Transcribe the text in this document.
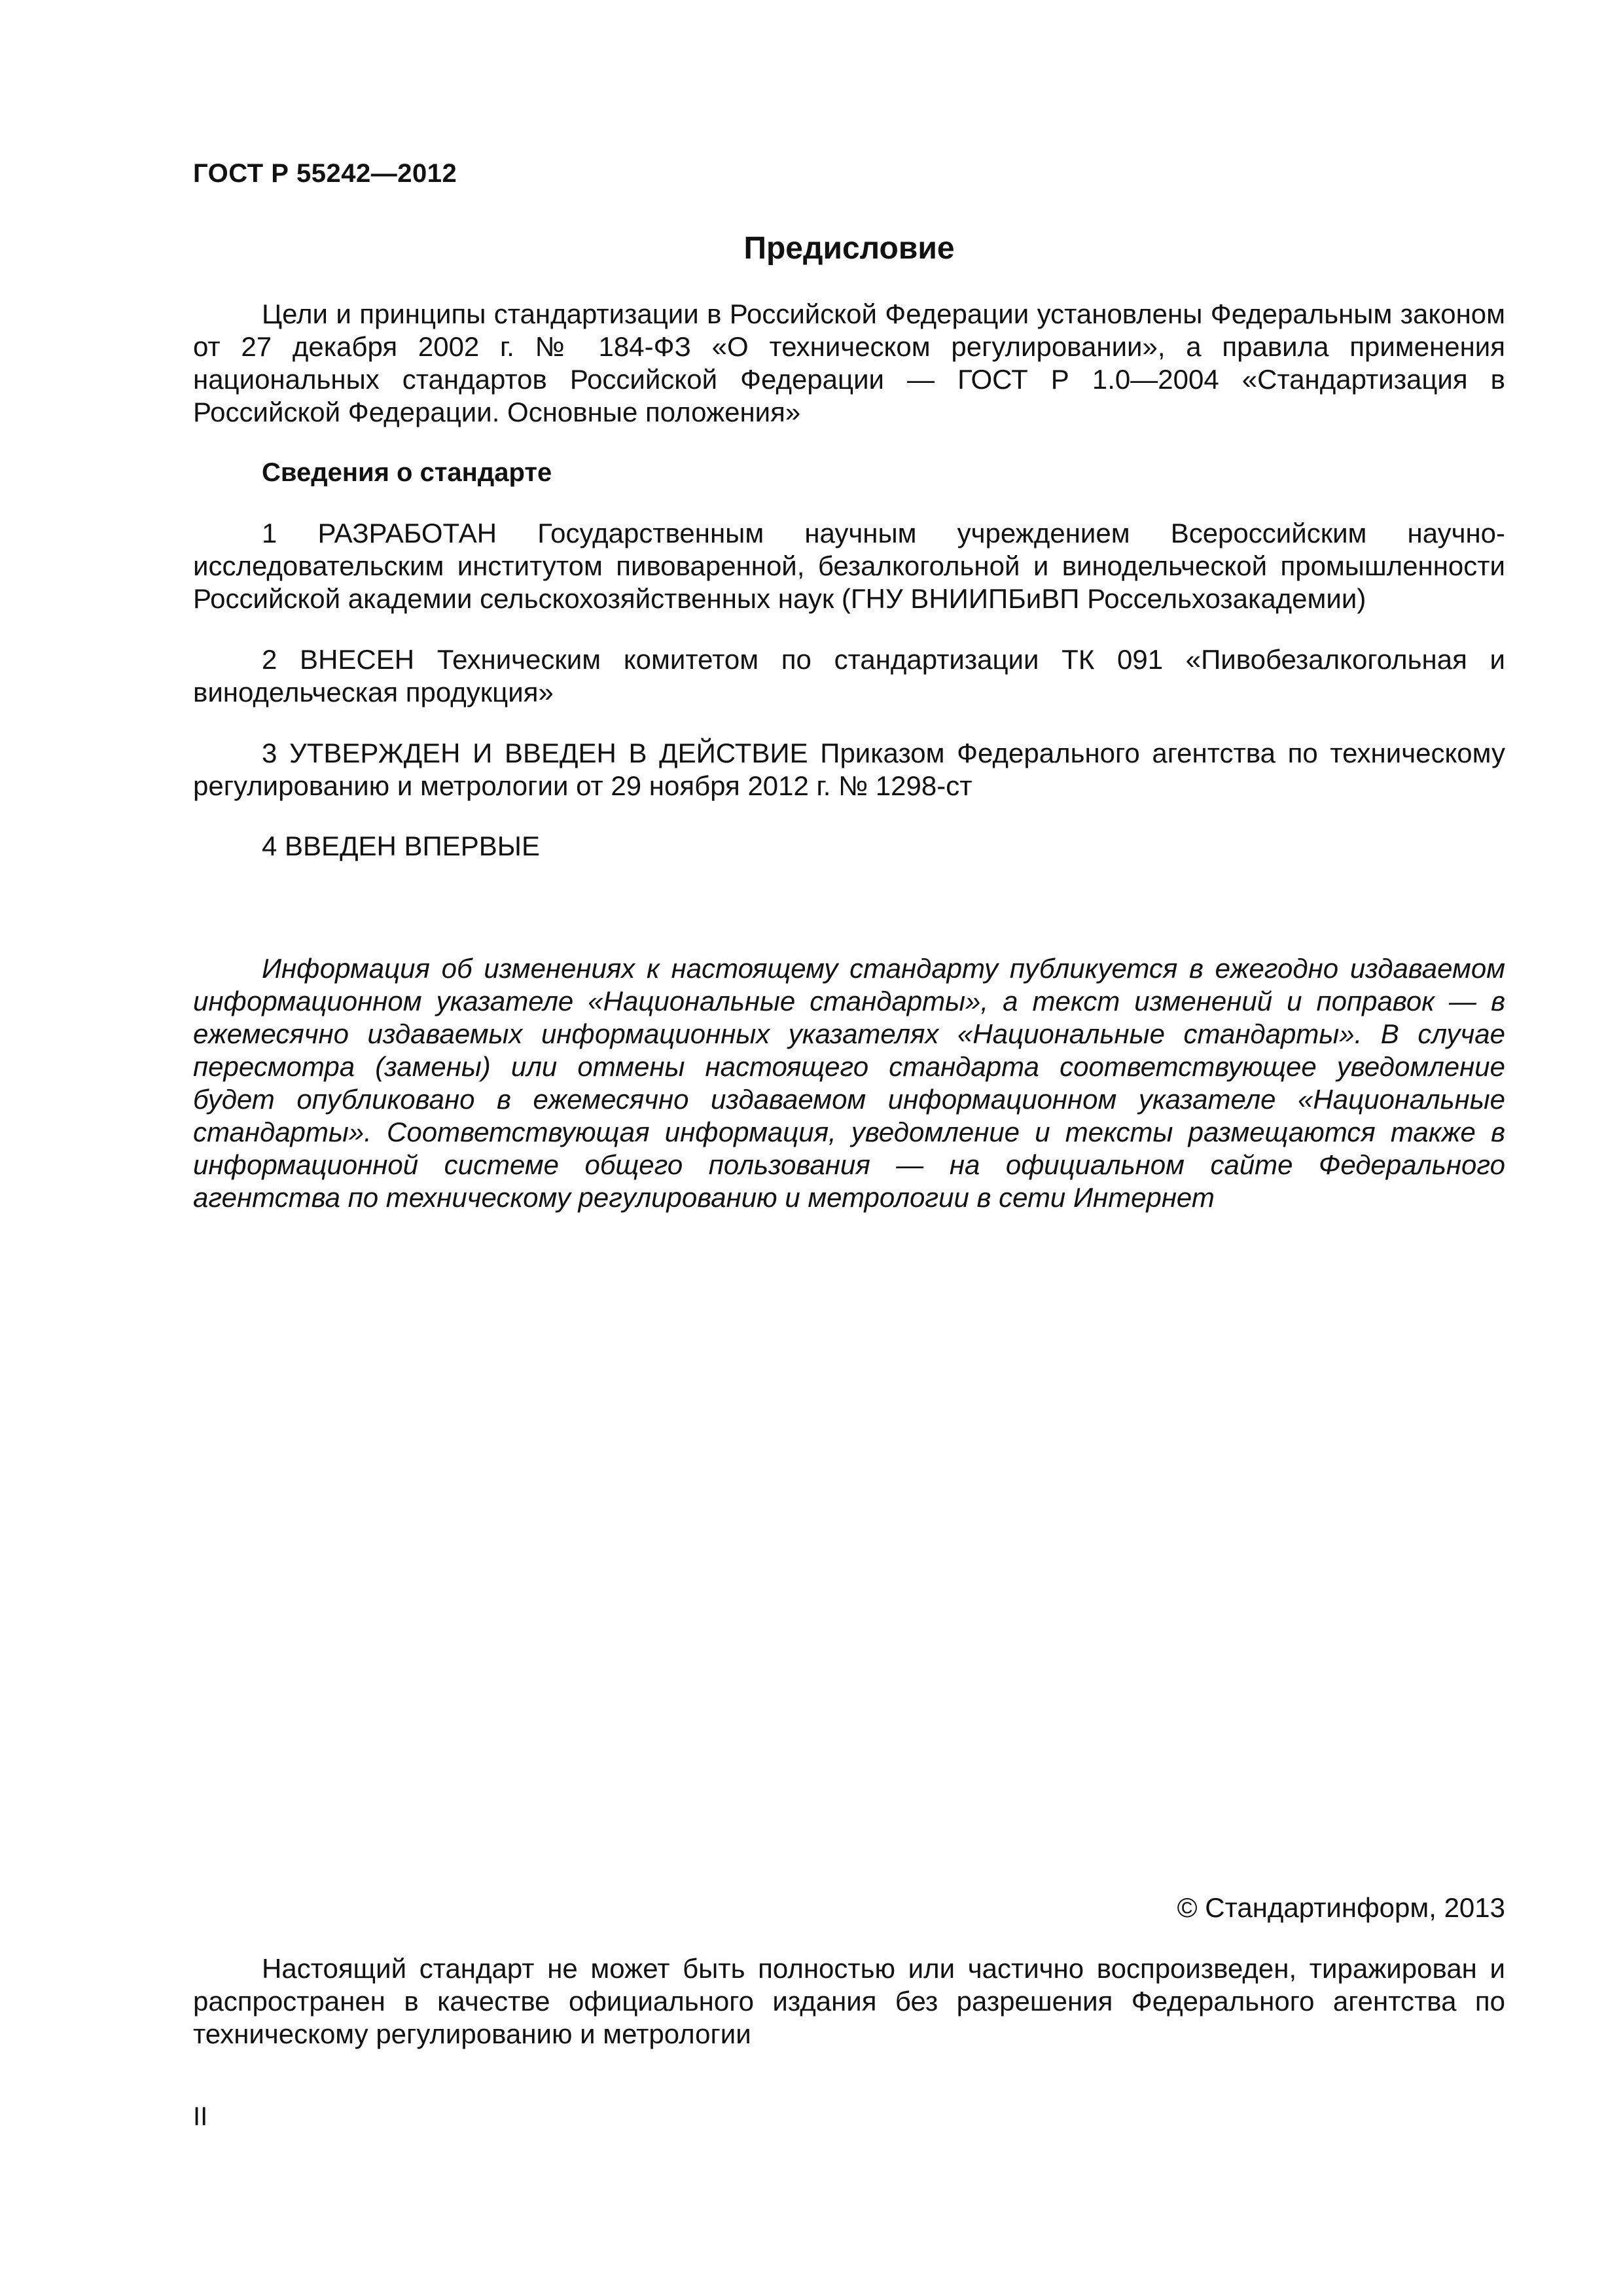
ГОСТ Р 55242—2012
Предисловие

Цели и принципы стандартизации в Российской Федерации установлены Федеральным законом от 27 декабря 2002 г. № 184-ФЗ «О техническом регулировании», а правила применения национальных стандартов Российской Федерации — ГОСТ Р 1.0—2004 «Стандартизация в Российской Федерации. Основные положения»

Сведения о стандарте

1 РАЗРАБОТАН Государственным научным учреждением Всероссийским научно-исследовательским институтом пивоваренной, безалкогольной и винодельческой промышленности Российской академии сельскохозяйственных наук (ГНУ ВНИИПБиВП Россельхозакадемии)

2 ВНЕСЕН Техническим комитетом по стандартизации ТК 091 «Пивобезалкогольная и винодельческая продукция»

3 УТВЕРЖДЕН И ВВЕДЕН В ДЕЙСТВИЕ Приказом Федерального агентства по техническому регулированию и метрологии от 29 ноября 2012 г. № 1298-ст

4 ВВЕДЕН ВПЕРВЫЕ

Информация об изменениях к настоящему стандарту публикуется в ежегодно издаваемом информационном указателе «Национальные стандарты», а текст изменений и поправок — в ежемесячно издаваемых информационных указателях «Национальные стандарты». В случае пересмотра (замены) или отмены настоящего стандарта соответствующее уведомление будет опубликовано в ежемесячно издаваемом информационном указателе «Национальные стандарты». Соответствующая информация, уведомление и тексты размещаются также в информационной системе общего пользования — на официальном сайте Федерального агентства по техническому регулированию и метрологии в сети Интернет

© Стандартинформ, 2013

Настоящий стандарт не может быть полностью или частично воспроизведен, тиражирован и распространен в качестве официального издания без разрешения Федерального агентства по техническому регулированию и метрологии

II
